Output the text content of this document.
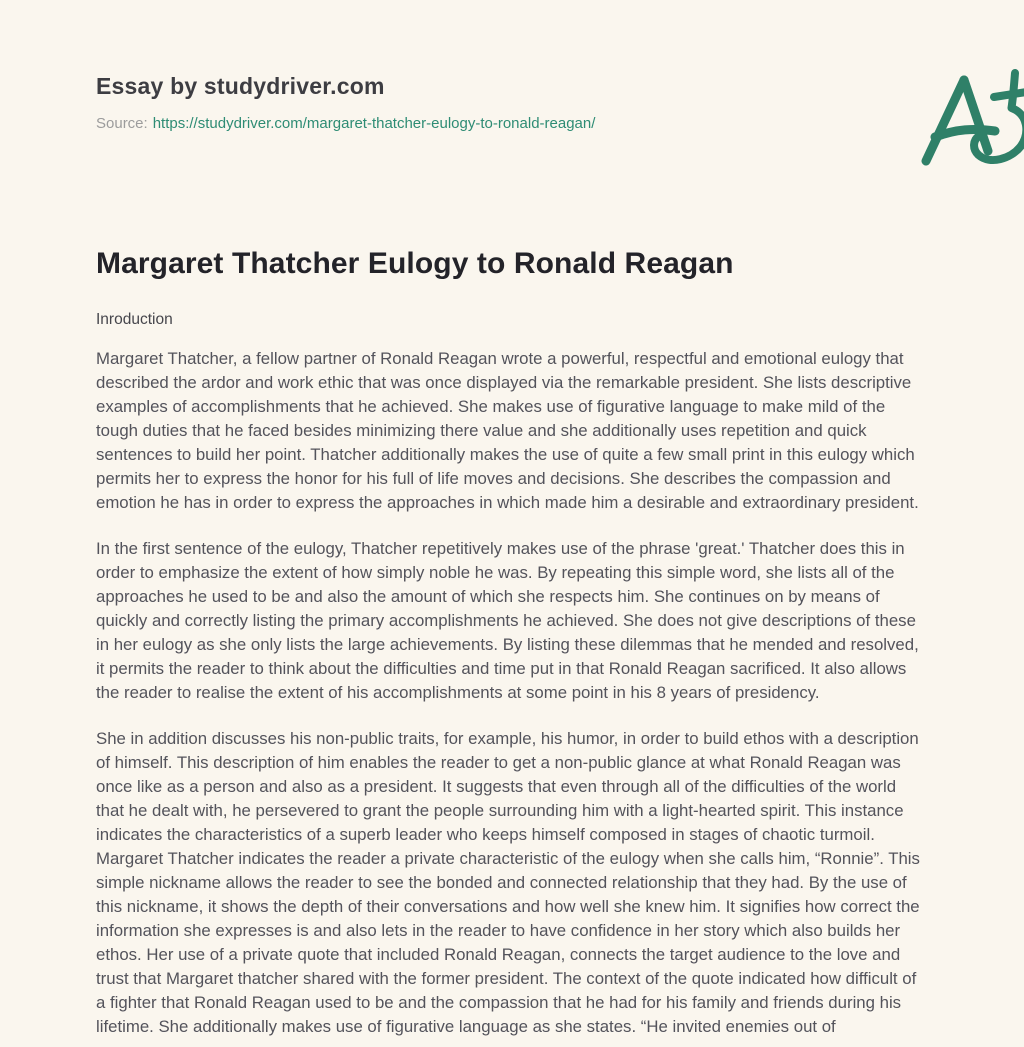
Essay by studydriver.com
Source: https://studydriver.com/margaret-thatcher-eulogy-to-ronald-reagan/
Margaret Thatcher Eulogy to Ronald Reagan

Inroduction

Margaret Thatcher, a fellow partner of Ronald Reagan wrote a powerful, respectful and emotional eulogy that described the ardor and work ethic that was once displayed via the remarkable president. She lists descriptive examples of accomplishments that he achieved. She makes use of figurative language to make mild of the tough duties that he faced besides minimizing there value and she additionally uses repetition and quick sentences to build her point. Thatcher additionally makes the use of quite a few small print in this eulogy which permits her to express the honor for his full of life moves and decisions. She describes the compassion and emotion he has in order to express the approaches in which made him a desirable and extraordinary president.

In the first sentence of the eulogy, Thatcher repetitively makes use of the phrase 'great.' Thatcher does this in order to emphasize the extent of how simply noble he was. By repeating this simple word, she lists all of the approaches he used to be and also the amount of which she respects him. She continues on by means of quickly and correctly listing the primary accomplishments he achieved. She does not give descriptions of these in her eulogy as she only lists the large achievements. By listing these dilemmas that he mended and resolved, it permits the reader to think about the difficulties and time put in that Ronald Reagan sacrificed. It also allows the reader to realise the extent of his accomplishments at some point in his 8 years of presidency.

She in addition discusses his non-public traits, for example, his humor, in order to build ethos with a description of himself. This description of him enables the reader to get a non-public glance at what Ronald Reagan was once like as a person and also as a president. It suggests that even through all of the difficulties of the world that he dealt with, he persevered to grant the people surrounding him with a light-hearted spirit. This instance indicates the characteristics of a superb leader who keeps himself composed in stages of chaotic turmoil. Margaret Thatcher indicates the reader a private characteristic of the eulogy when she calls him, “Ronnie”. This simple nickname allows the reader to see the bonded and connected relationship that they had. By the use of this nickname, it shows the depth of their conversations and how well she knew him. It signifies how correct the information she expresses is and also lets in the reader to have confidence in her story which also builds her ethos. Her use of a private quote that included Ronald Reagan, connects the target audience to the love and trust that Margaret thatcher shared with the former president. The context of the quote indicated how difficult of a fighter that Ronald Reagan used to be and the compassion that he had for his family and friends during his lifetime. She additionally makes use of figurative language as she states. “He invited enemies out of
